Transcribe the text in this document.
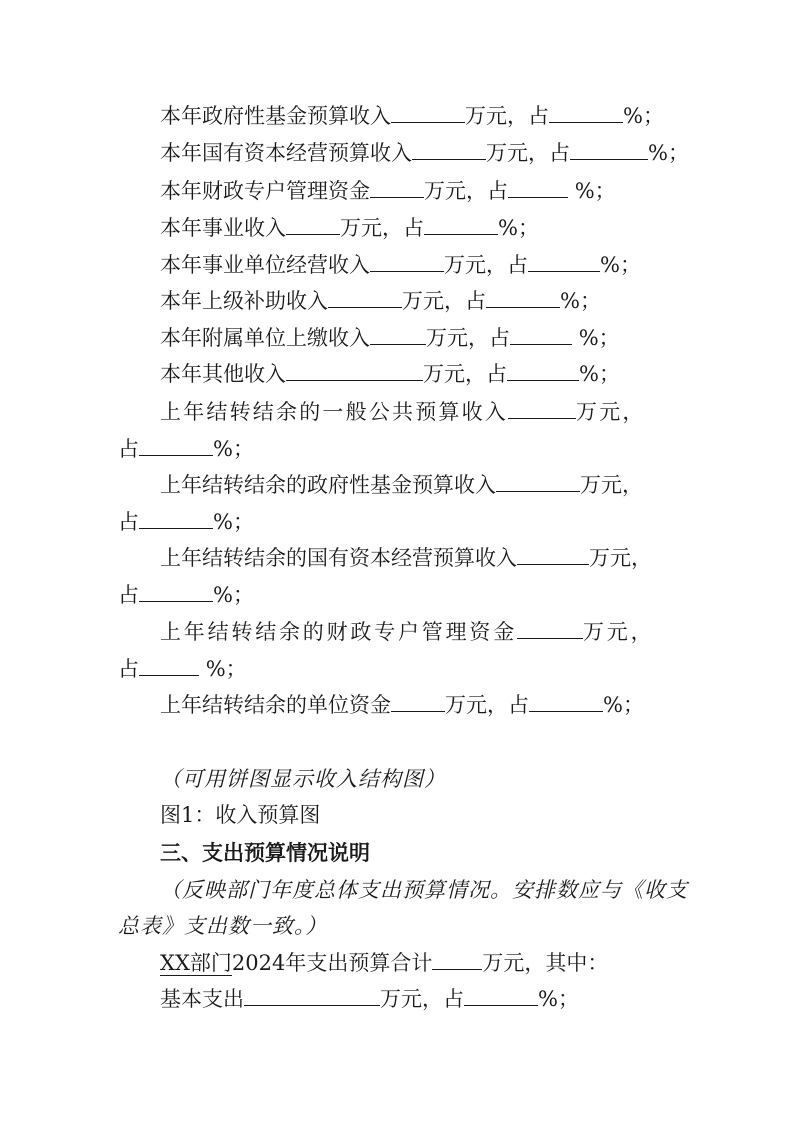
本年政府性基金预算收入	万元，占	%；
本年国有资本经营预算收入	万元，占	%；
本年财政专户管理资金	万元，占	%；
本年事业收入	万元，占	%；
本年事业单位经营收入	万元，占	%；
本年上级补助收入	万元，占	%；
本年附属单位上缴收入	万元，占	%；
本年其他收入	万元，占	%；
上年结转结余的一般公共预算收入	万元，
占	%；
上年结转结余的政府性基金预算收入	万元，
占	%；
上年结转结余的国有资本经营预算收入	万元，
占	%；
上年结转结余的财政专户管理资金	万元，
占	%；
上年结转结余的单位资金	万元，占	%；
（可用饼图显示收入结构图）
图1：收入预算图
三、支出预算情况说明
（反映部门年度总体支出预算情况。安排数应与《收支
总表》支出数一致。）
XX部门2024年支出预算合计 万元，其中：
基本支出	万元，占	%；
